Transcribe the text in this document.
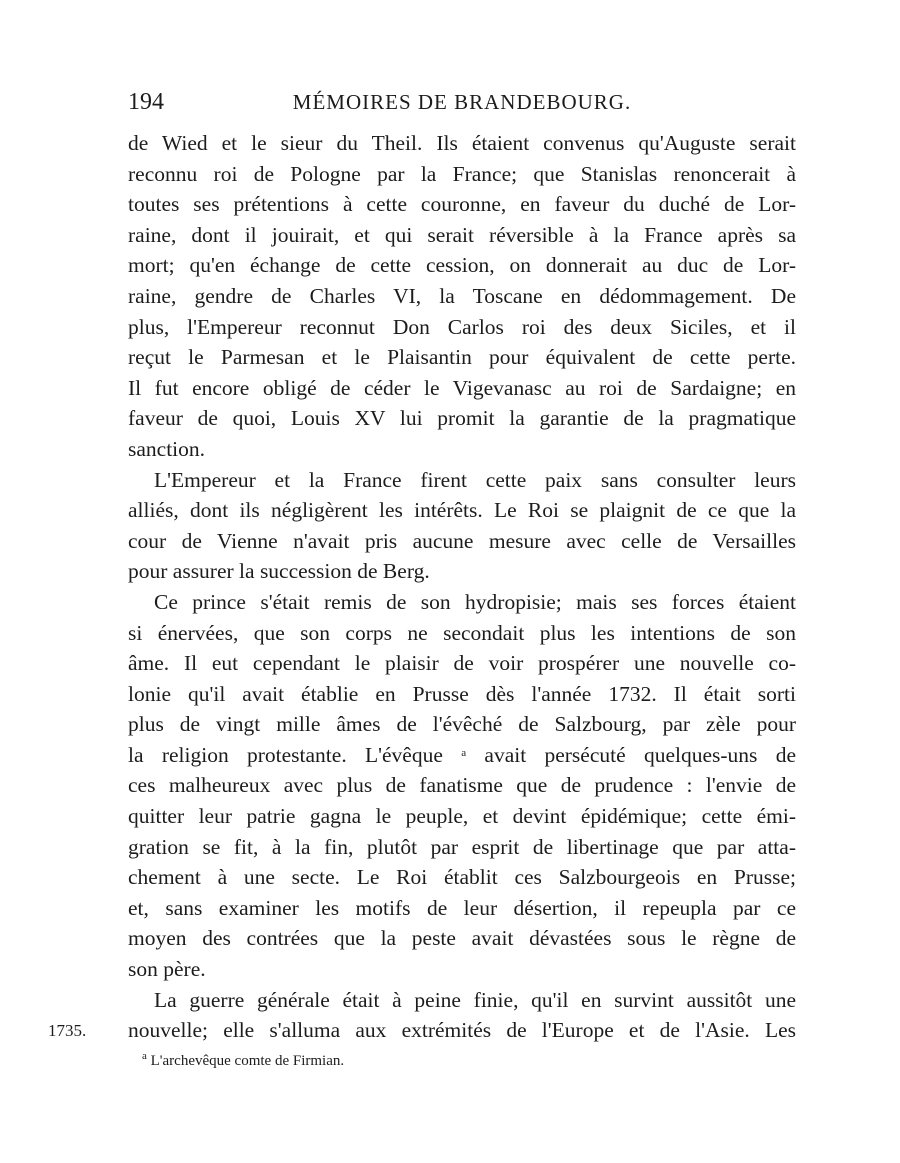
194	MÉMOIRES DE BRANDEBOURG.
de Wied et le sieur du Theil. Ils étaient convenus qu'Auguste serait
reconnu roi de Pologne par la France; que Stanislas renoncerait à
toutes ses prétentions à cette couronne, en faveur du duché de Lor-
raine, dont il jouirait, et qui serait réversible à la France après sa
mort; qu'en échange de cette cession, on donnerait au duc de Lor-
raine, gendre de Charles VI, la Toscane en dédommagement. De
plus, l'Empereur reconnut Don Carlos roi des deux Siciles, et il
reçut le Parmesan et le Plaisantin pour équivalent de cette perte.
Il fut encore obligé de céder le Vigevanasc au roi de Sardaigne; en
faveur de quoi, Louis XV lui promit la garantie de la pragmatique
sanction.
L'Empereur et la France firent cette paix sans consulter leurs
alliés, dont ils négligèrent les intérêts. Le Roi se plaignit de ce que la
cour de Vienne n'avait pris aucune mesure avec celle de Versailles
pour assurer la succession de Berg.
Ce prince s'était remis de son hydropisie; mais ses forces étaient
si énervées, que son corps ne secondait plus les intentions de son
âme. Il eut cependant le plaisir de voir prospérer une nouvelle co-
lonie qu'il avait établie en Prusse dès l'année 1732. Il était sorti
plus de vingt mille âmes de l'évêché de Salzbourg, par zèle pour
la religion protestante. L'évêque $^a$ avait persécuté quelques-uns de
ces malheureux avec plus de fanatisme que de prudence : l'envie de
quitter leur patrie gagna le peuple, et devint épidémique; cette émi-
gration se fit, à la fin, plutôt par esprit de libertinage que par atta-
chement à une secte. Le Roi établit ces Salzbourgeois en Prusse;
et, sans examiner les motifs de leur désertion, il repeupla par ce
moyen des contrées que la peste avait dévastées sous le règne de
son père.
La guerre générale était à peine finie, qu'il en survint aussitôt une
nouvelle; elle s'alluma aux extrémités de l'Europe et de l'Asie. Les
1735.
$^a$ L'archevêque comte de Firmian.
